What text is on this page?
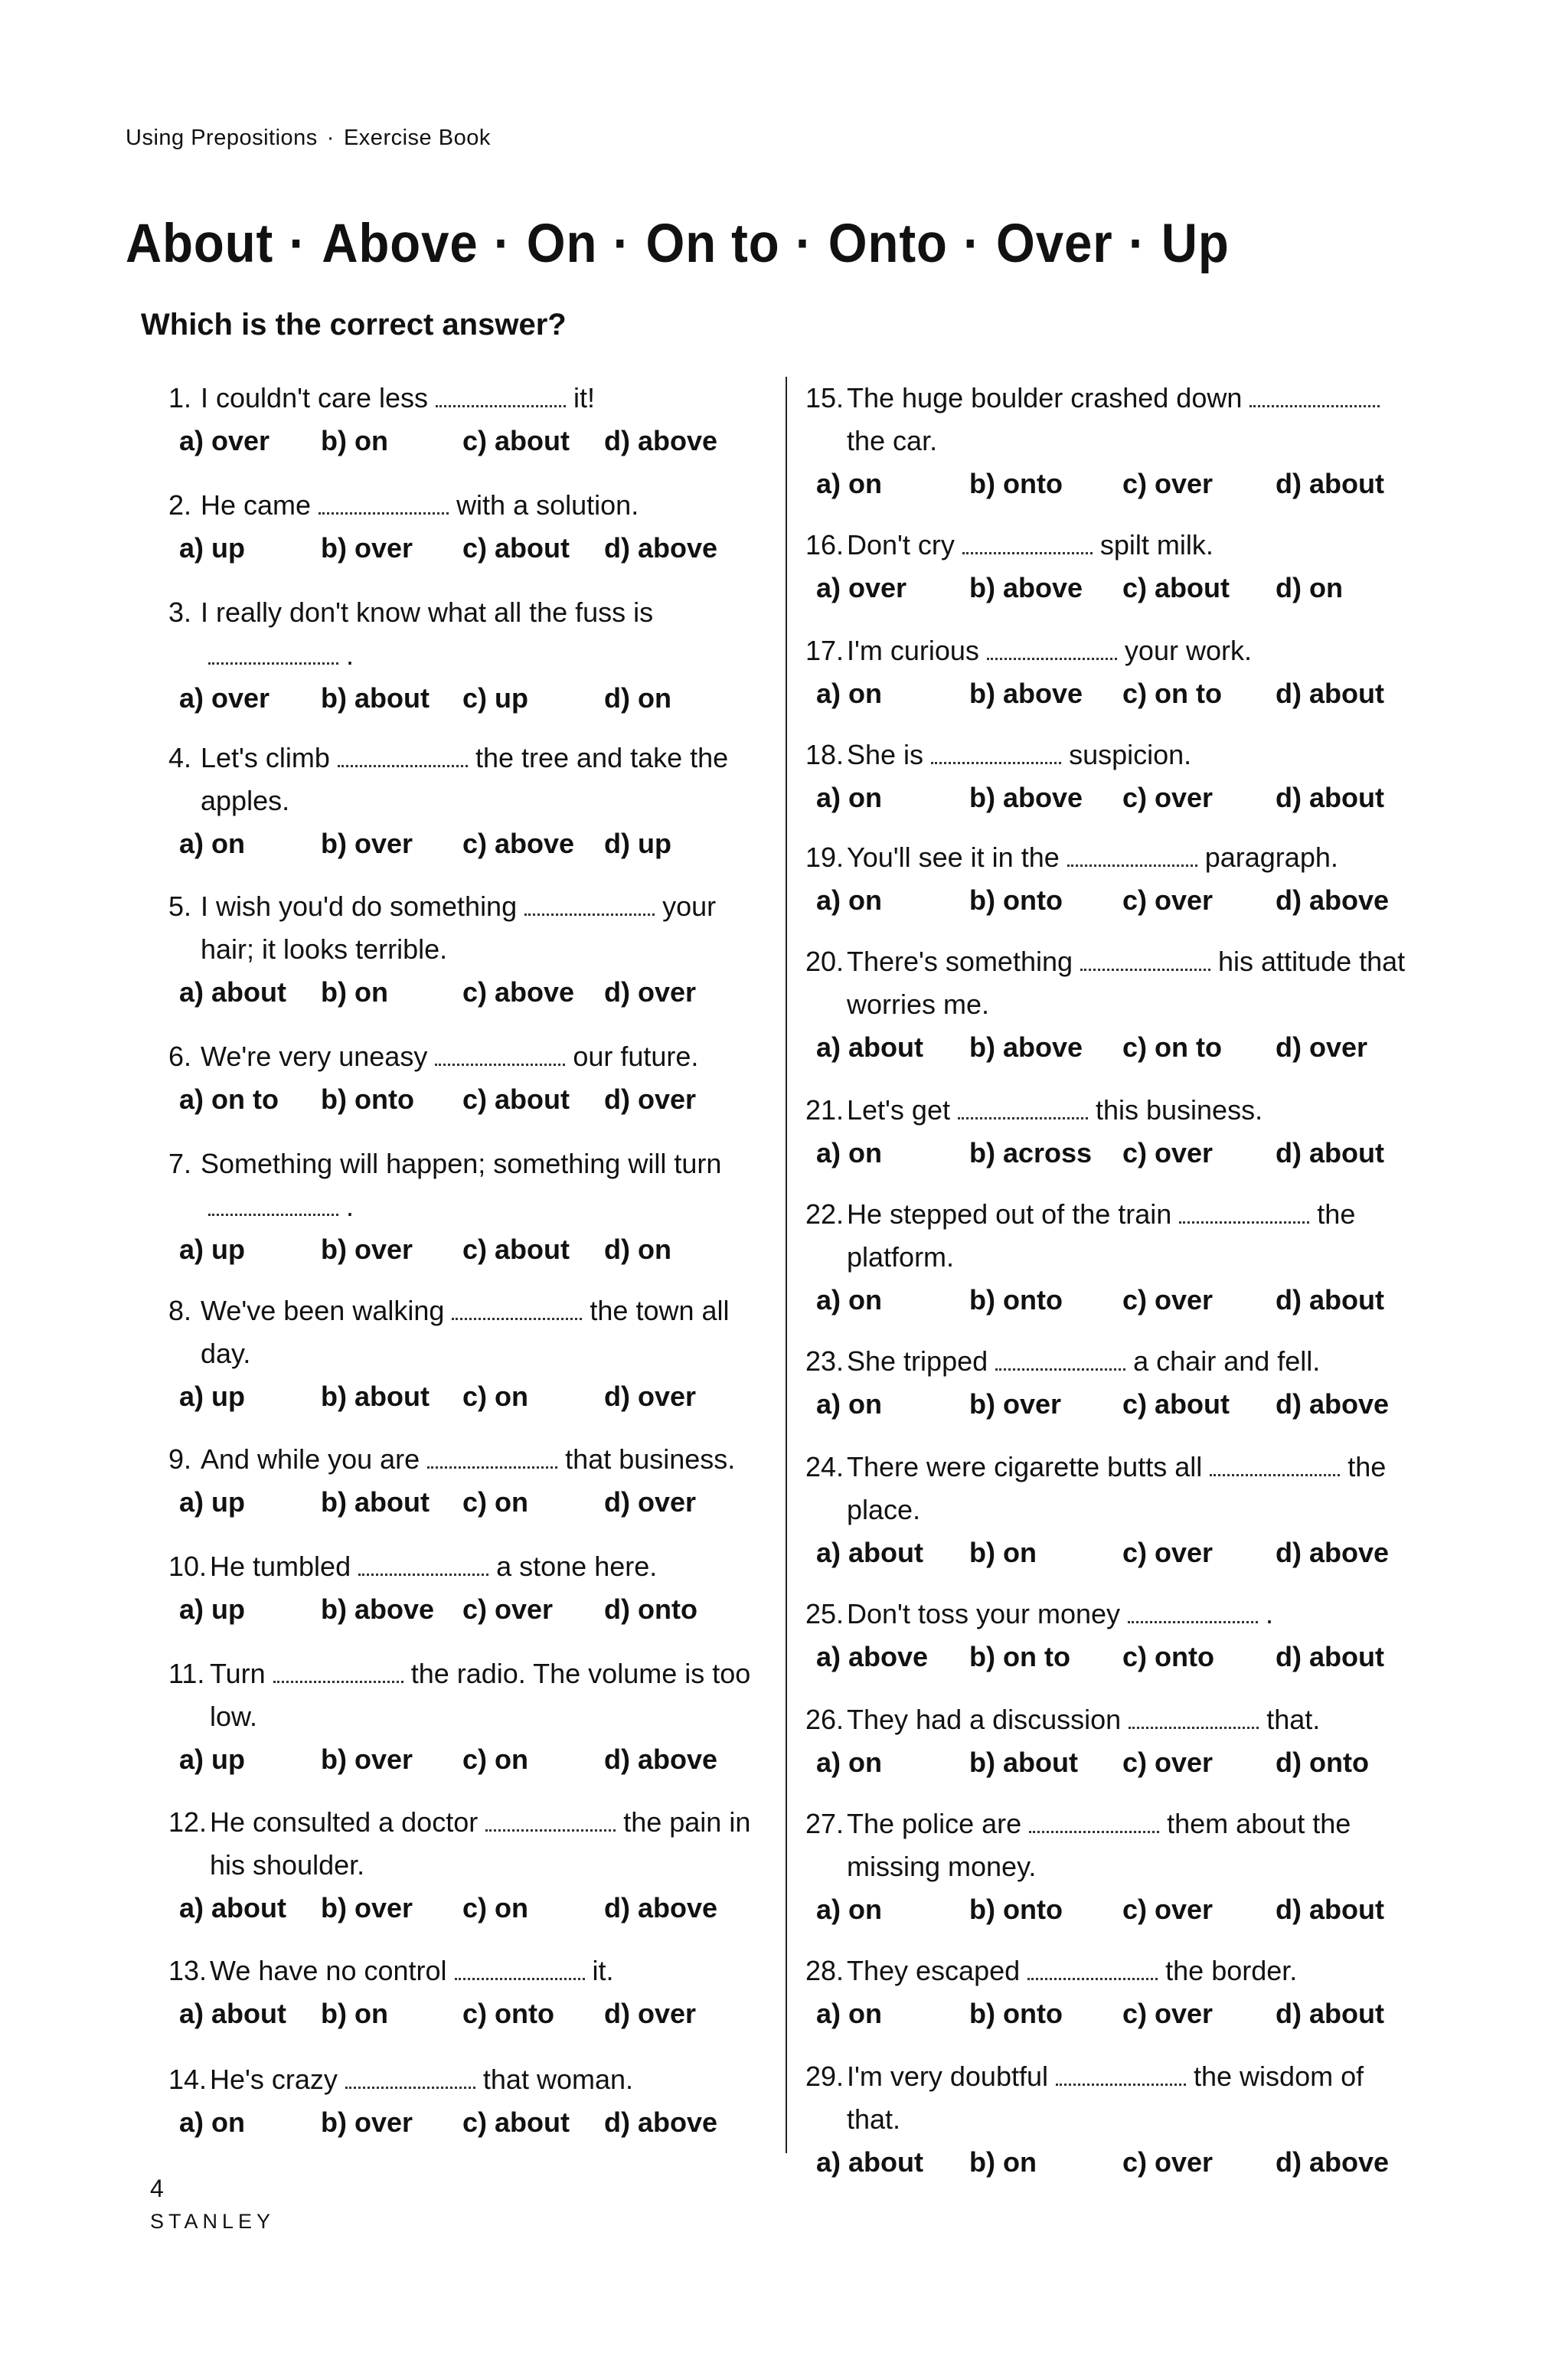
Using Prepositions · Exercise Book
About · Above · On · On to · Onto · Over · Up

Which is the correct answer?

1. I couldn't care less	it!
a) over	b) on	c) about	d) above
2. He came	with a solution.
a) up	b) over	c) about	d) above
3. I really don't know what all the fuss is.
a) over	b) about	c) up	d) on
4. Let's climb	the tree and take the apples.
a) on	b) over	c) above	d) up
5. I wish you'd do something	your hair; it looks terrible.
a) about	b) on	c) above	d) over
6. We're very uneasy	our future.
a) on to	b) onto	c) about	d) over
7. Something will happen; something will turn.
a) up	b) over	c) about	d) on
8. We've been walking	the town all day.
a) up	b) about	c) on	d) over
9. And while you are	that business.
a) up	b) about	c) on	d) over
10. He tumbled	a stone here.
a) up	b) above	c) over	d) onto
11. Turn	the radio. The volume is too low.
a) up	b) over	c) on	d) above
12. He consulted a doctor	the pain in his shoulder.
a) about	b) over	c) on	d) above
13. We have no control	it.
a) about	b) on	c) onto	d) over
14. He's crazy	that woman.
a) on	b) over	c) about	d) above
15. The huge boulder crashed downthe car.
a) on	b) onto	c) over	d) about
16. Don't cry	spilt milk.
a) over	b) above	c) about	d) on
17. I'm curious	your work.
a) on	b) above	c) on to	d) about
18. She is	suspicion.
a) on	b) above	c) over	d) about
19. You'll see it in the	paragraph.
a) on	b) onto	c) over	d) above
20. There's something	his attitude that worries me.
a) about	b) above	c) on to	d) over
21. Let's get	this business.
a) on	b) across	c) over	d) about
22. He stepped out of the train	the platform.
a) on	b) onto	c) over	d) about
23. She tripped	a chair and fell.
a) on	b) over	c) about	d) above
24. There were cigarette butts all	the place.
a) about	b) on	c) over	d) above
25. Don't toss your money	.
a) above	b) on to	c) onto	d) about
26. They had a discussion	that.
a) on	b) about	c) over	d) onto
27. The police are	them about the missing money.
a) on	b) onto	c) over	d) about
28. They escaped	the border.
a) on	b) onto	c) over	d) about
29. I'm very doubtful	the wisdom of that.
a) about	b) on	c) over	d) above
4
STANLEY
